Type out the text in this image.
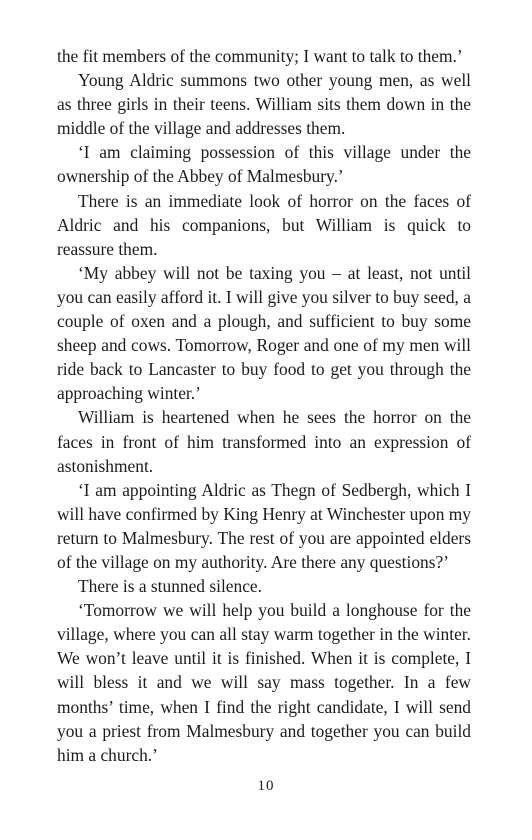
the fit members of the community; I want to talk to them.’

Young Aldric summons two other young men, as well as three girls in their teens. William sits them down in the middle of the village and addresses them.

‘I am claiming possession of this village under the ownership of the Abbey of Malmesbury.’

There is an immediate look of horror on the faces of Aldric and his companions, but William is quick to reassure them.

‘My abbey will not be taxing you – at least, not until you can easily afford it. I will give you silver to buy seed, a couple of oxen and a plough, and sufficient to buy some sheep and cows. Tomorrow, Roger and one of my men will ride back to Lancaster to buy food to get you through the approaching winter.’

William is heartened when he sees the horror on the faces in front of him transformed into an expression of astonishment.

‘I am appointing Aldric as Thegn of Sedbergh, which I will have confirmed by King Henry at Winchester upon my return to Malmesbury. The rest of you are appointed elders of the village on my authority. Are there any questions?’

There is a stunned silence.

‘Tomorrow we will help you build a longhouse for the village, where you can all stay warm together in the winter. We won’t leave until it is finished. When it is complete, I will bless it and we will say mass together. In a few months’ time, when I find the right candidate, I will send you a priest from Malmesbury and together you can build him a church.’

10
